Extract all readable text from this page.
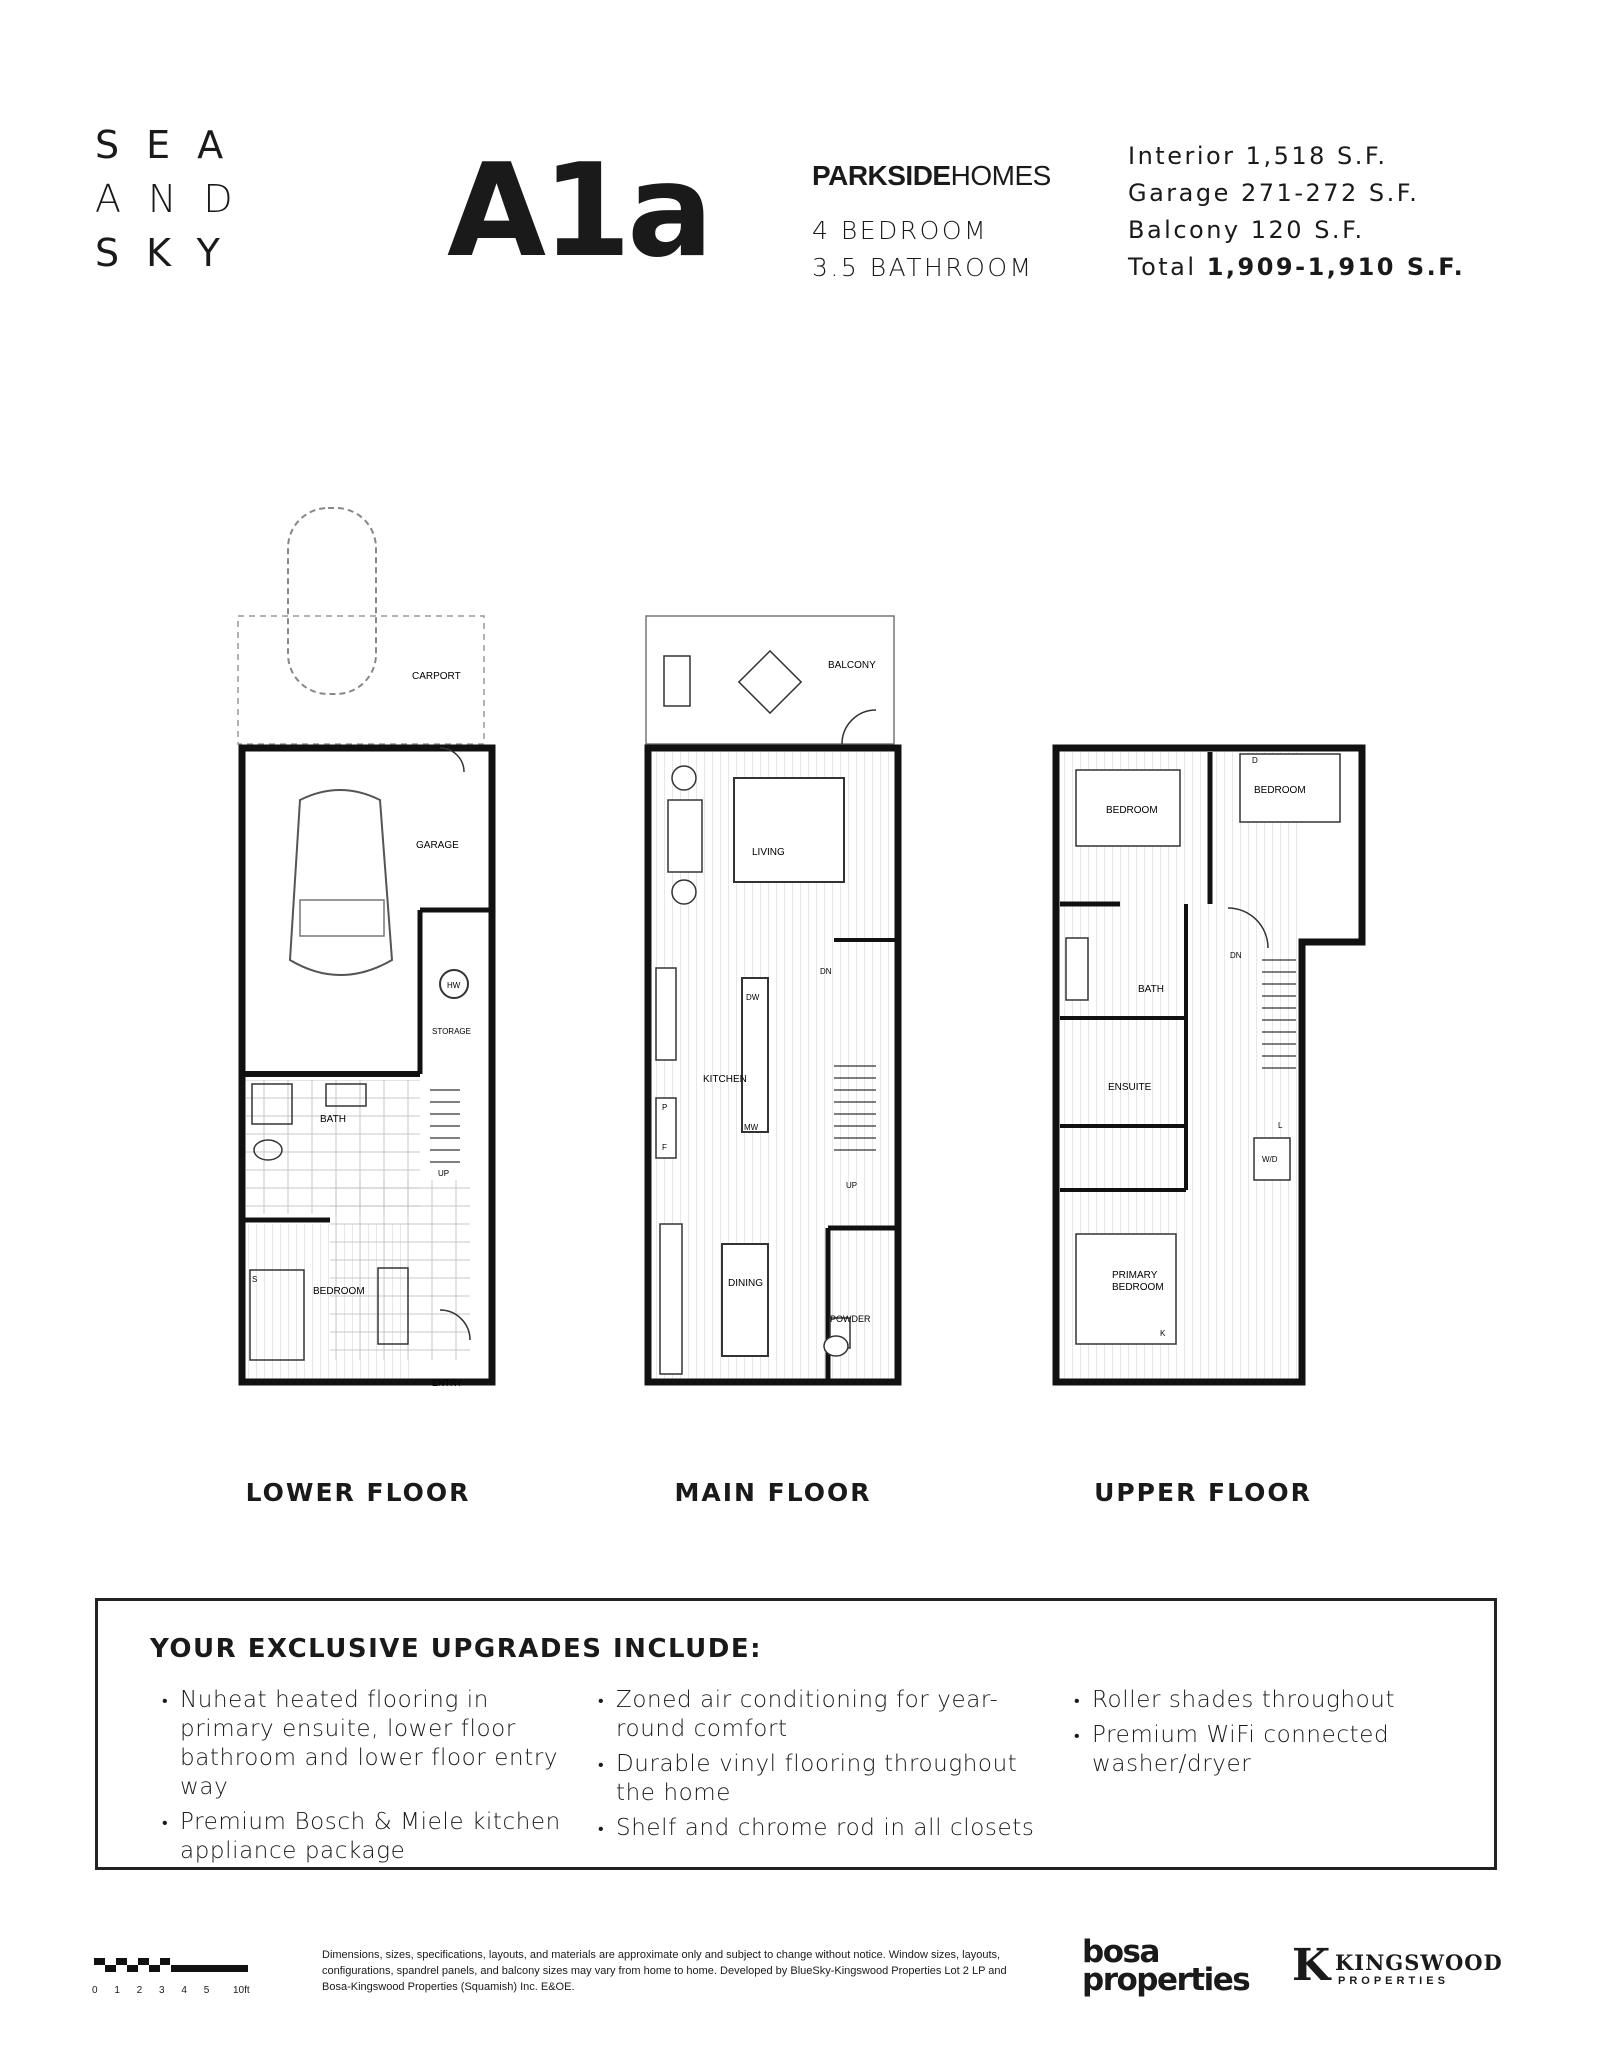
SEA
AND
SKY A1a	PARKSIDEHOMES
4 BEDROOM
3.5 BATHROOM
Interior 1,518 S.F.
Garage 271-272 S.F.
Balcony 120 S.F.
Total 1,909-1,910 S.F.
CARPORT
GARAGE
HW
STORAGE
BATH
BEDROOM
ENTRY
UP
S
BALCONY
LIVING
KITCHEN
DINING
POWDER
DW
MW
P
F
DN
UP
BEDROOM
BEDROOM
BATH
ENSUITE
PRIMARY
BEDROOM
DN
W/D
L
D
K
LOWER FLOOR	MAIN FLOOR	UPPER FLOOR
YOUR EXCLUSIVE UPGRADES INCLUDE:
• Nuheat heated flooring in primary ensuite, lower floor bathroom and lower floor entry way
• Premium Bosch & Miele kitchen appliance package
• Zoned air conditioning for year-round comfort
• Durable vinyl flooring throughout the home
• Shelf and chrome rod in all closets
• Roller shades throughout
• Premium WiFi connected washer/dryer
0 1 2 3 4 5 10ft
Dimensions, sizes, specifications, layouts, and materials are approximate only and subject to change without notice. Window sizes, layouts, configurations, spandrel panels, and balcony sizes may vary from home to home. Developed by BlueSky-Kingswood Properties Lot 2 LP and Bosa-Kingswood Properties (Squamish) Inc. E&OE.
bosa
properties K KINGSWOOD
PROPERTIES
